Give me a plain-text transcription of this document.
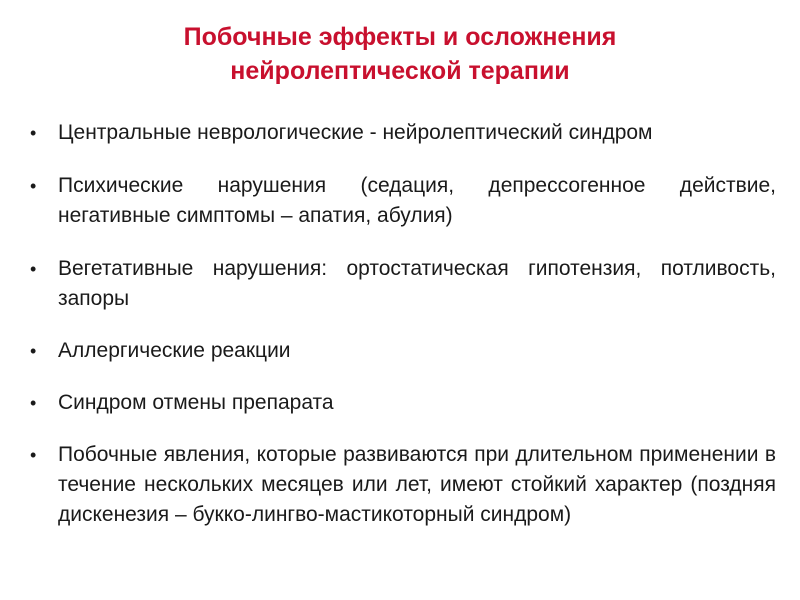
Побочные эффекты и осложнения
нейролептической терапии
•	Центральные неврологические - нейролептический синдром
•	Психические нарушения (седация, депрессогенное действие, негативные симптомы – апатия, абулия)
•	Вегетативные нарушения: ортостатическая гипотензия, потливость, запоры
•	Аллергические реакции
•	Синдром отмены препарата
•	Побочные явления, которые развиваются при длительном применении в течение нескольких месяцев или лет, имеют стойкий характер (поздняя дискенезия – букко-лингво-мастикоторный синдром)
